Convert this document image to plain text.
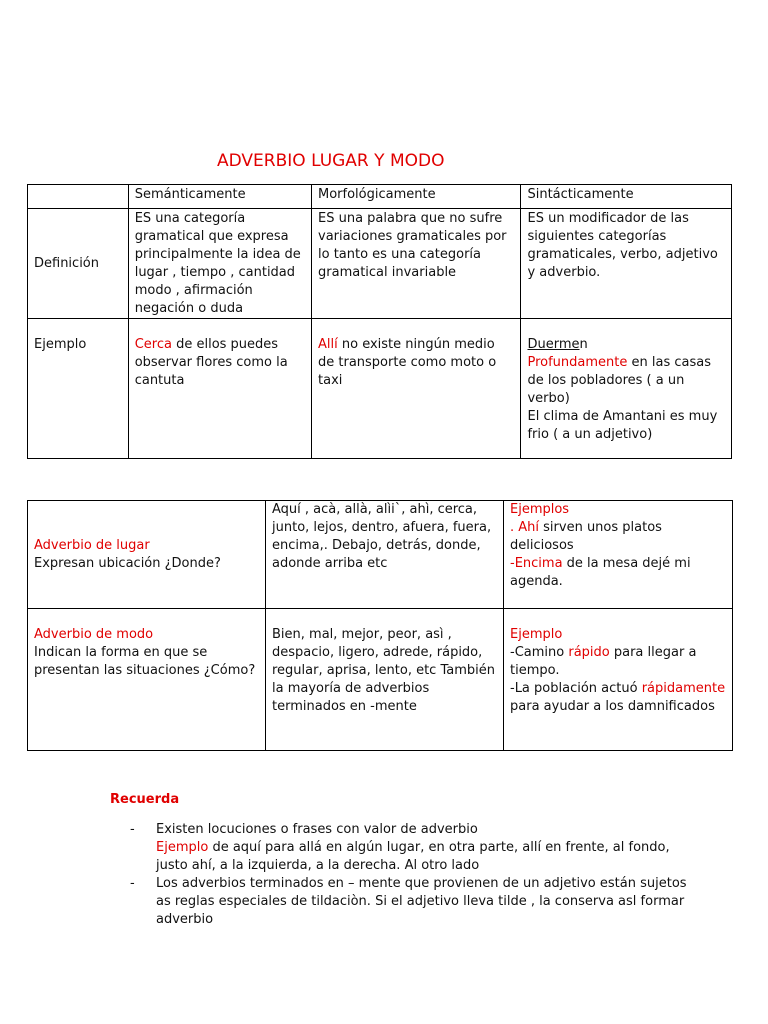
ADVERBIO LUGAR Y MODO
	Semánticamente	Morfológicamente	Sintácticamente
Definición	ES una categoría gramatical que expresa principalmente la idea de lugar , tiempo , cantidad modo , afirmación negación o duda	ES una palabra que no sufre variaciones gramaticales por lo tanto es una categoría gramatical invariable	ES un modificador de las siguientes categorías gramaticales, verbo, adjetivo y adverbio.
Ejemplo	Cerca de ellos puedes observar flores como la cantuta	Allí no existe ningún medio de transporte como moto o taxi	Duermen
Profundamente en las casas de los pobladores ( a un verbo)
El clima de Amantani es muy frio ( a un adjetivo)
Adverbio de lugar
Expresan ubicación ¿Donde?	Aquí , acà, allà, alìi`, ahì, cerca, junto, lejos, dentro, afuera, fuera, encima,. Debajo, detrás, donde, adonde arriba etc	Ejemplos
. Ahí sirven unos platos deliciosos
-Encima de la mesa dejé mi agenda.
Adverbio de modo
Indican la forma en que se presentan las situaciones ¿Cómo?	Bien, mal, mejor, peor, asì , despacio, ligero, adrede, rápido, regular, aprisa, lento, etc También la mayoría de adverbios terminados en -mente	Ejemplo
-Camino rápido para llegar a tiempo.
-La población actuó rápidamente para ayudar a los damnificados
Recuerda
- Existen locuciones o frases con valor de adverbio
Ejemplo de aquí para allá en algún lugar, en otra parte, allí en frente, al fondo, justo ahí, a la izquierda, a la derecha. Al otro lado
- Los adverbios terminados en – mente que provienen de un adjetivo están sujetos as reglas especiales de tildaciòn. Si el adjetivo lleva tilde , la conserva asl formar adverbio
